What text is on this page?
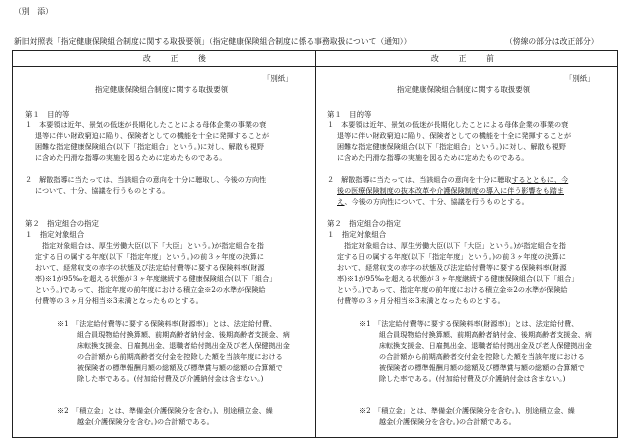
（別　添）
新旧対照表「指定健康保険組合制度に関する取扱要領」（指定健康保険組合制度に係る事務取扱について（通知））	（傍線の部分は改正部分）
改　正　後	改　正　前
「別紙」
指定健康保険組合制度に関する取扱要領
第１　目的等
１　本要領は近年、景気の低迷が長期化したことによる母体企業の事業の衰
退等に伴い財政窮迫に陥り、保険者としての機能を十全に発揮することが
困難な指定健康保険組合(以下「指定組合」という。)に対し、解散も視野
に含めた円滑な指導の実施を図るために定めたものである。
２　解散指導に当たっては、当該組合の意向を十分に聴取し、今後の方向性
について、十分、協議を行うものとする。
第２　指定組合の指定
１　指定対象組合
指定対象組合は、厚生労働大臣(以下「大臣」という。)が指定組合を指
定する日の属する年度(以下「指定年度」という。)の前３ヶ年度の決算に
おいて、経常収支の赤字の状態及び法定給付費等に要する保険料率(財源
率)※1が95‰を超える状態が３ヶ年度継続する健康保険組合(以下「組合」
という。)であって、指定年度の前年度における積立金※2の水準が保険給
付費等の３ヶ月分相当※3未満となったものとする。
※1　「法定給付費等に要する保険料率(財源率)」とは、法定給付費、
組合員現物給付換算額、前期高齢者納付金、後期高齢者支援金、病
床転換支援金、日雇拠出金、退職者給付拠出金及び老人保健拠出金
の合計額から前期高齢者交付金を控除した額を当該年度における
被保険者の標準報酬月額の総額及び標準賞与額の総額の合算額で
除した率である。(付加給付費及び介護納付金は含まない。)
※2　「積立金」とは、準備金(介護保険分を含む。)、別途積立金、繰
越金(介護保険分を含む。)の合計額である。
「別紙」
指定健康保険組合制度に関する取扱要領
第１　目的等
１　本要領は近年、景気の低迷が長期化したことによる母体企業の事業の衰
退等に伴い財政窮迫に陥り、保険者としての機能を十全に発揮することが
困難な指定健康保険組合(以下「指定組合」という。)に対し、解散も視野
に含めた円滑な指導の実施を図るために定めたものである。
２　解散指導に当たっては、当該組合の意向を十分に聴取するとともに、今
後の医療保険制度の抜本改革や介護保険制度の導入に伴う影響をも踏ま
え、今後の方向性について、十分、協議を行うものとする。
第２　指定組合の指定
１　指定対象組合
指定対象組合は、厚生労働大臣(以下「大臣」という。)が指定組合を指
定する日の属する年度(以下「指定年度」という。)の前３ヶ年度の決算に
おいて、経常収支の赤字の状態及び法定給付費等に要する保険料率(財源
率)※1が95‰を超える状態が３ヶ年度継続する健康保険組合(以下「組合」
という。)であって、指定年度の前年度における積立金※2の水準が保険給
付費等の３ヶ月分相当※3未満となったものとする。
※1　「法定給付費等に要する保険料率(財源率)」とは、法定給付費、
組合員現物給付換算額、前期高齢者納付金、後期高齢者支援金、病
床転換支援金、日雇拠出金、退職者給付拠出金及び老人保健拠出金
の合計額から前期高齢者交付金を控除した額を当該年度における
被保険者の標準報酬月額の総額及び標準賞与額の総額の合算額で
除した率である。(付加給付費及び介護納付金は含まない。)
※2　「積立金」とは、準備金(介護保険分を含む。)、別途積立金、繰
越金(介護保険分を含む。)の合計額である。
